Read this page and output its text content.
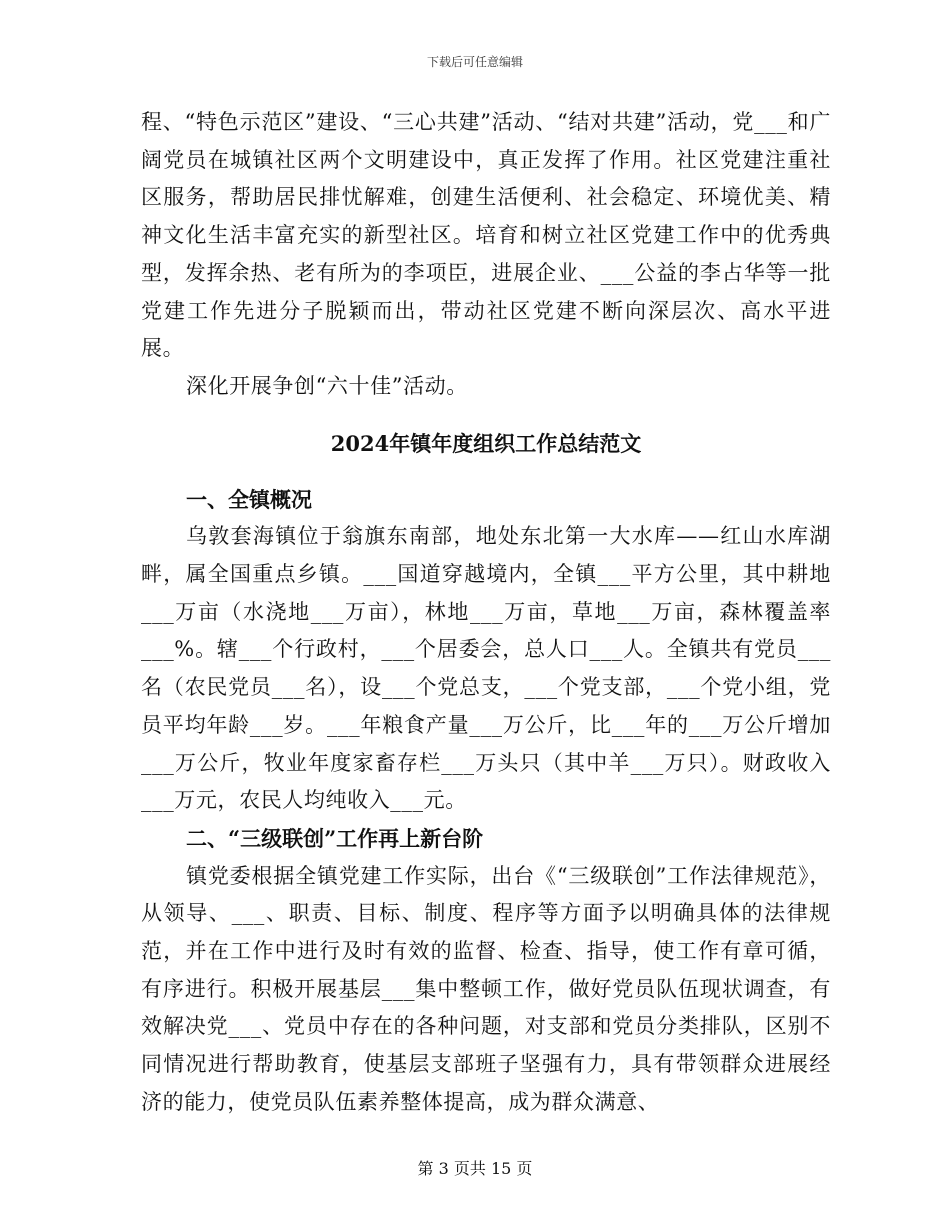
下载后可任意编辑

程、“特色示范区”建设、“三心共建”活动、“结对共建”活动，党___和广阔党员在城镇社区两个文明建设中，真正发挥了作用。社区党建注重社区服务，帮助居民排忧解难，创建生活便利、社会稳定、环境优美、精神文化生活丰富充实的新型社区。培育和树立社区党建工作中的优秀典型，发挥余热、老有所为的李项臣，进展企业、___公益的李占华等一批党建工作先进分子脱颖而出，带动社区党建不断向深层次、高水平进展。

深化开展争创“六十佳”活动。

2024年镇年度组织工作总结范文
一、全镇概况

乌敦套海镇位于翁旗东南部，地处东北第一大水库——红山水库湖畔，属全国重点乡镇。___国道穿越境内，全镇___平方公里，其中耕地___万亩（水浇地___万亩），林地___万亩，草地___万亩，森林覆盖率___%。辖___个行政村，___个居委会，总人口___人。全镇共有党员___名（农民党员___名），设___个党总支，___个党支部，___个党小组，党员平均年龄___岁。___年粮食产量___万公斤，比___年的___万公斤增加___万公斤，牧业年度家畜存栏___万头只（其中羊___万只）。财政收入___万元，农民人均纯收入___元。

二、“三级联创”工作再上新台阶

镇党委根据全镇党建工作实际，出台《“三级联创”工作法律规范》，从领导、___、职责、目标、制度、程序等方面予以明确具体的法律规范，并在工作中进行及时有效的监督、检查、指导，使工作有章可循，有序进行。积极开展基层___集中整顿工作，做好党员队伍现状调查，有效解决党___、党员中存在的各种问题，对支部和党员分类排队，区别不同情况进行帮助教育，使基层支部班子坚强有力，具有带领群众进展经济的能力，使党员队伍素养整体提高，成为群众满意、

第 3 页共 15 页
